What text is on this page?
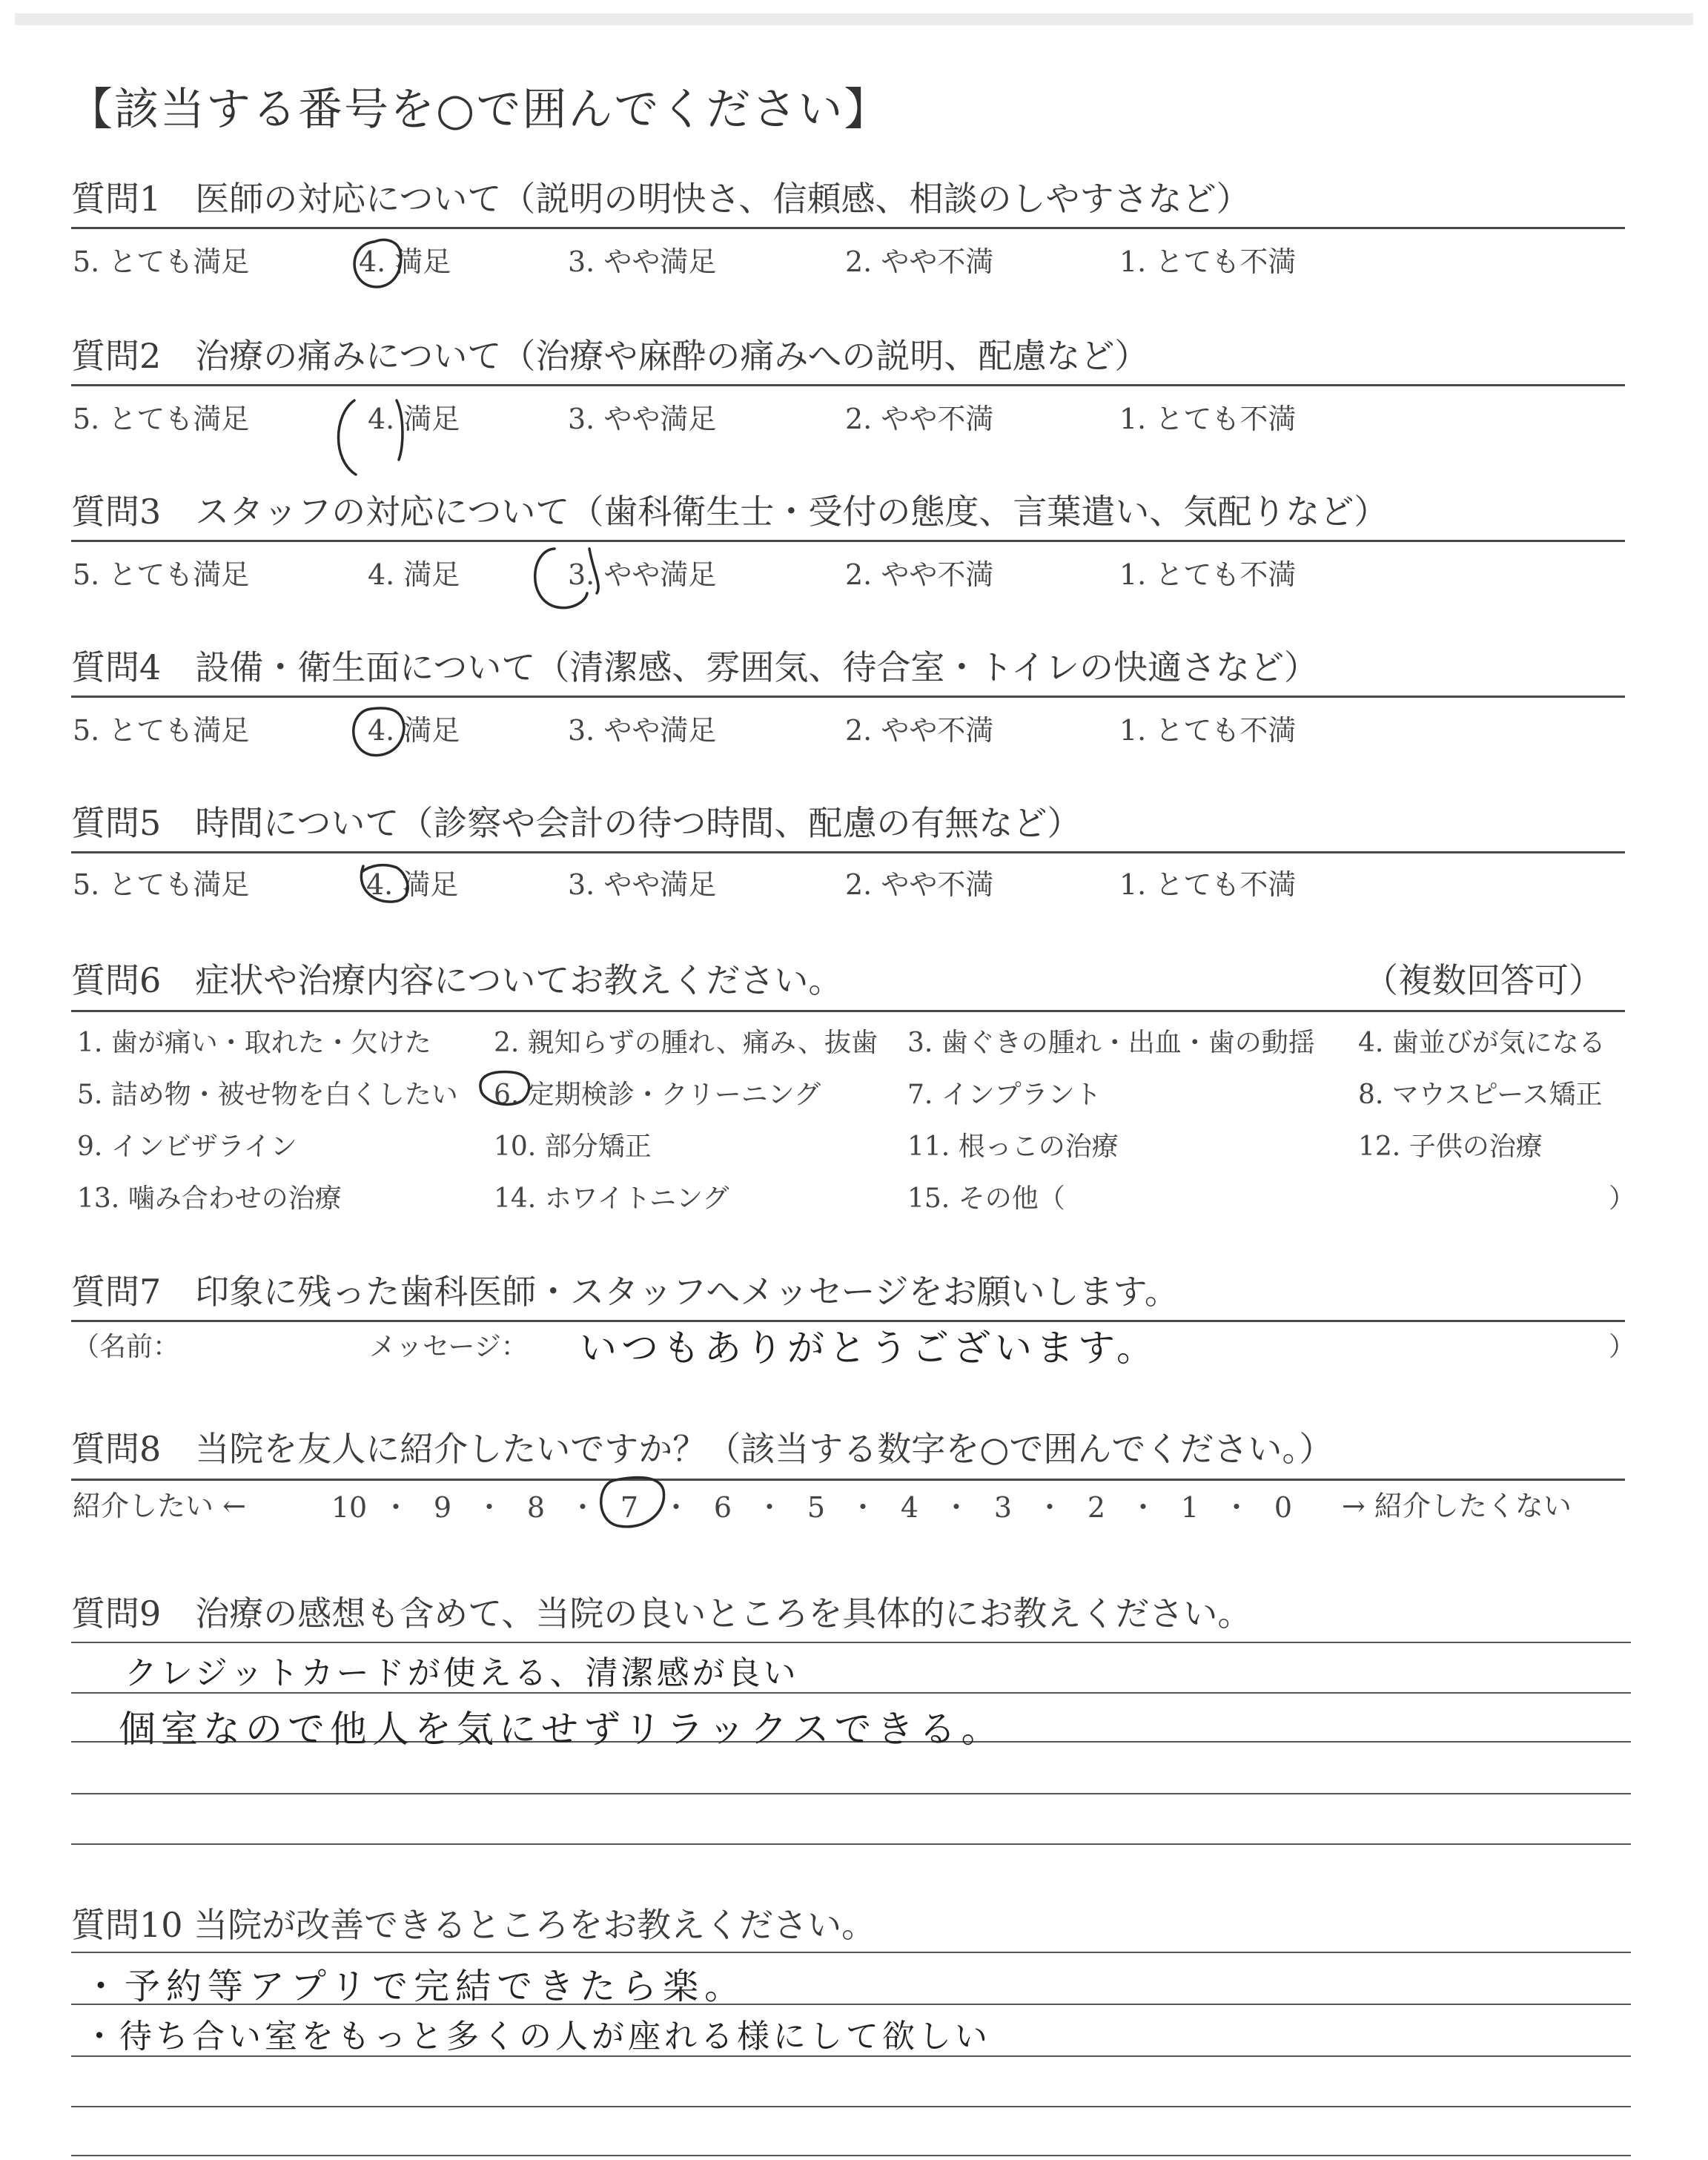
【該当する番号を○で囲んでください】
質問1　医師の対応について（説明の明快さ、信頼感、相談のしやすさなど）
5. とても満足	4. 満足	3. やや満足	2. やや不満	1. とても不満
質問2　治療の痛みについて（治療や麻酔の痛みへの説明、配慮など）
5. とても満足	4. 満足	3. やや満足	2. やや不満	1. とても不満
質問3　スタッフの対応について（歯科衛生士・受付の態度、言葉遣い、気配りなど）
5. とても満足	4. 満足	3. やや満足	2. やや不満	1. とても不満
質問4　設備・衛生面について（清潔感、雰囲気、待合室・トイレの快適さなど）
5. とても満足	4. 満足	3. やや満足	2. やや不満	1. とても不満
質問5　時間について（診察や会計の待つ時間、配慮の有無など）
5. とても満足	4. 満足	3. やや満足	2. やや不満	1. とても不満
質問6　症状や治療内容についてお教えください。	（複数回答可）
1. 歯が痛い・取れた・欠けた 2. 親知らずの腫れ、痛み、抜歯 3. 歯ぐきの腫れ・出血・歯の動揺 4. 歯並びが気になる
5. 詰め物・被せ物を白くしたい 6. 定期検診・クリーニング	7. インプラント	8. マウスピース矯正
9. インビザライン	10. 部分矯正	11. 根っこの治療	12. 子供の治療
13. 噛み合わせの治療	14. ホワイトニング	15. その他（	）
質問7　印象に残った歯科医師・スタッフへメッセージをお願いします。
（名前：	メッセージ： いつもありがとうございます。	）
質問8　当院を友人に紹介したいですか？（該当する数字を○で囲んでください。）
紹介したい ←	10 ・ 9 ・ 8 ・ 7 ・ 6 ・ 5 ・ 4 ・ 3 ・ 2 ・ 1 ・ 0	→ 紹介したくない
質問9　治療の感想も含めて、当院の良いところを具体的にお教えください。
クレジットカードが使える、清潔感が良い
個室なので他人を気にせずリラックスできる。
質問10 当院が改善できるところをお教えください。
・予約等アプリで完結できたら楽。
・待ち合い室をもっと多くの人が座れる様にして欲しい
